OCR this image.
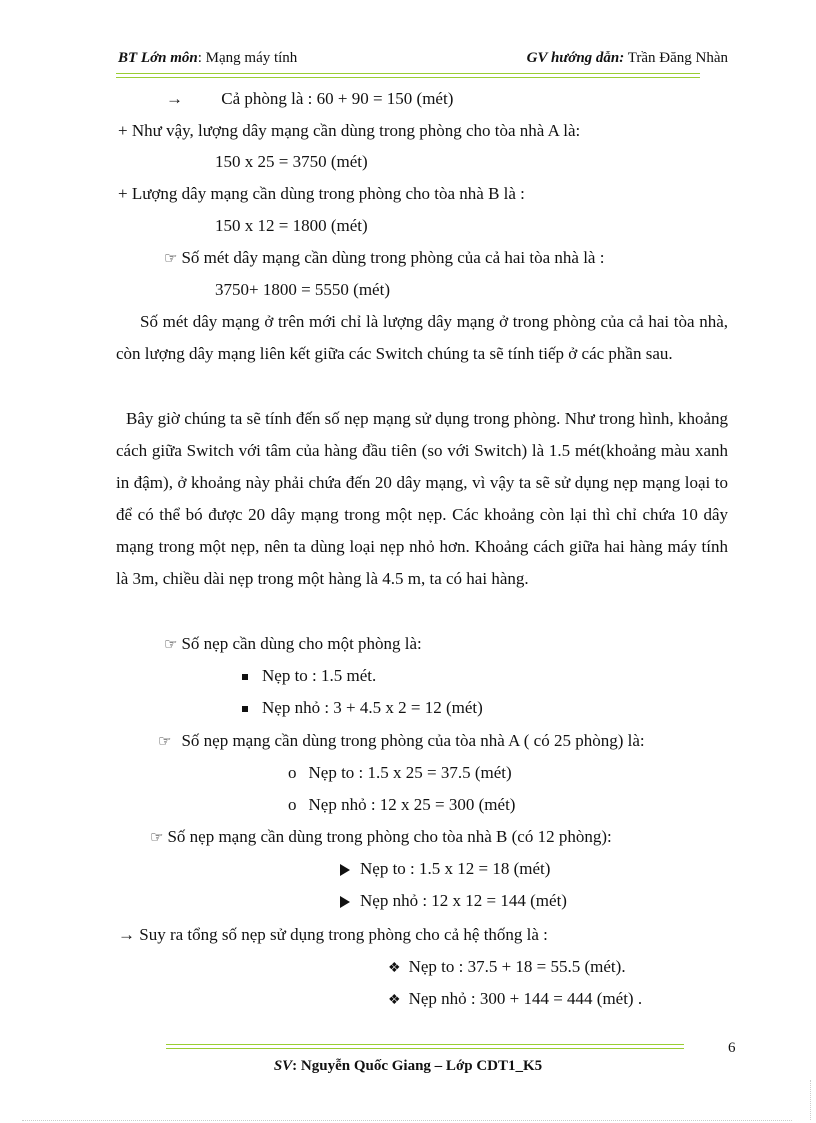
BT Lớn môn: Mạng máy tính	GV hướng dẫn: Trần Đăng Nhàn
→ Cả phòng là : 60 + 90 = 150 (mét)
+ Như vậy, lượng dây mạng cần dùng trong phòng cho tòa nhà A là:
150 x 25 = 3750 (mét)
+ Lượng dây mạng cần dùng trong phòng cho tòa nhà B là :
150 x 12 = 1800 (mét)
☞ Số mét dây mạng cần dùng trong phòng của cả hai tòa nhà là :
3750+ 1800 = 5550 (mét)
Số mét dây mạng ở trên mới chỉ là lượng dây mạng ở trong phòng của cả hai tòa nhà, còn lượng dây mạng liên kết giữa các Switch chúng ta sẽ tính tiếp ở các phần sau.
Bây giờ chúng ta sẽ tính đến số nẹp mạng sử dụng trong phòng. Như trong hình, khoảng cách giữa Switch với tâm của hàng đầu tiên (so với Switch) là 1.5 mét(khoảng màu xanh in đậm), ở khoảng này phải chứa đến 20 dây mạng, vì vậy ta sẽ sử dụng nẹp mạng loại to để có thể bó được 20 dây mạng trong một nẹp. Các khoảng còn lại thì chỉ chứa 10 dây mạng trong một nẹp, nên ta dùng loại nẹp nhỏ hơn. Khoảng cách giữa hai hàng máy tính là 3m, chiều dài nẹp trong một hàng là 4.5 m, ta có hai hàng.
☞ Số nẹp cần dùng cho một phòng là:
Nẹp to : 1.5 mét.
Nẹp nhỏ : 3 + 4.5 x 2 = 12 (mét)
☞ Số nẹp mạng cần dùng trong phòng của tòa nhà A ( có 25 phòng) là:
o Nẹp to : 1.5 x 25 = 37.5 (mét)
o Nẹp nhỏ : 12 x 25 = 300 (mét)
☞ Số nẹp mạng cần dùng trong phòng cho tòa nhà B (có 12 phòng):
Nẹp to : 1.5 x 12 = 18 (mét)
Nẹp nhỏ : 12 x 12 = 144 (mét)
→ Suy ra tổng số nẹp sử dụng trong phòng cho cả hệ thống là :
❖ Nẹp to : 37.5 + 18 = 55.5 (mét).
❖ Nẹp nhỏ : 300 + 144 = 444 (mét) .
6
SV: Nguyễn Quốc Giang – Lớp CDT1_K5
